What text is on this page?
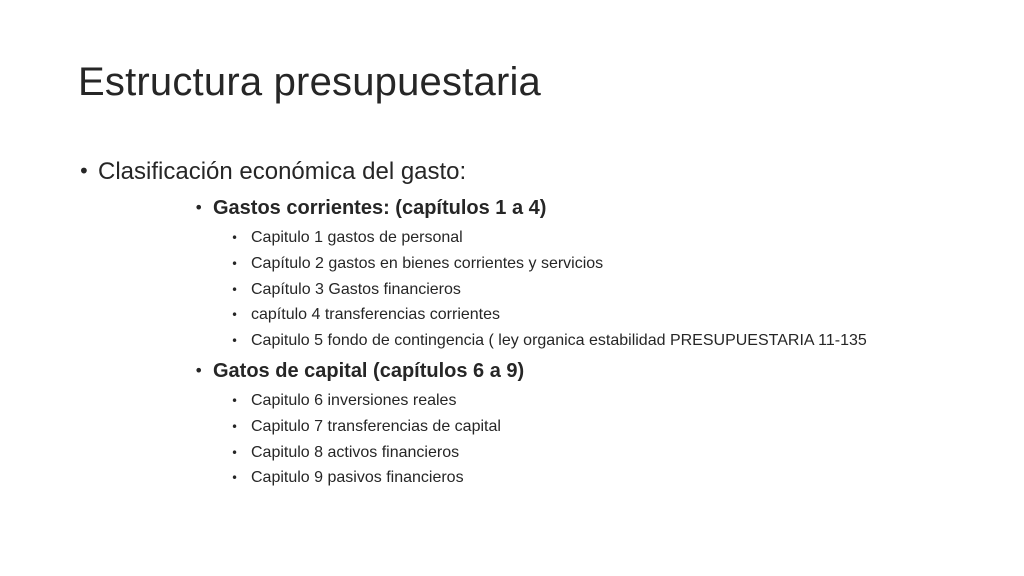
Estructura presupuestaria
• Clasificación económica del gasto:
• Gastos corrientes: (capítulos 1 a 4)
• Capitulo 1 gastos de personal
• Capítulo 2 gastos en bienes corrientes y servicios
• Capítulo 3 Gastos financieros
• capítulo 4 transferencias corrientes
• Capitulo 5 fondo de contingencia ( ley organica estabilidad PRESUPUESTARIA 11-135
• Gatos de capital (capítulos 6 a 9)
• Capitulo 6 inversiones reales
• Capitulo 7 transferencias de capital
• Capitulo 8 activos financieros
• Capitulo 9 pasivos financieros
